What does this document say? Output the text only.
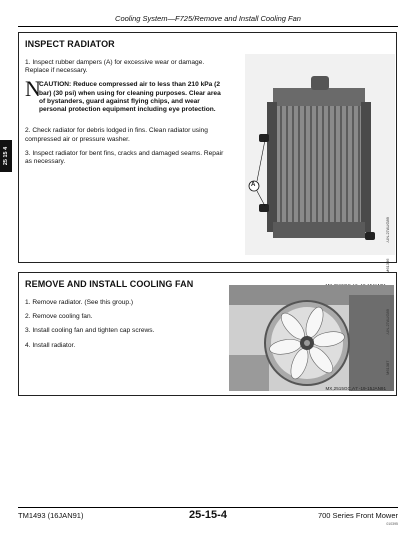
Cooling System—F725/Remove and Install Cooling Fan
25 15 4
INSPECT RADIATOR

1. Inspect rubber dampers (A) for excessive wear or damage. Replace if necessary.

N
CAUTION: Reduce compressed air to less than 210 kPa (2 bar) (30 psi) when using for cleaning purposes. Clear area of bystanders, guard against flying chips, and wear personal protection equipment including eye protection.

2. Check radiator for debris lodged in fins. Clean radiator using compressed air or pressure washer.

3. Inspect radiator for bent fins, cracks and damaged seams. Repair as necessary.

A
-UN-27AUG89
M61386
REMOVE AND INSTALL COOLING FAN

1. Remove radiator. (See this group.)

2. Remove cooling fan.

3. Install cooling fan and tighten cap screws.

4. Install radiator.

-UN-27AUG89
M61387
MX,2515GC,A7 -19-15JAN91
TM1493 (16JAN91)	25-15-4	700 Series Front Mower
010395
